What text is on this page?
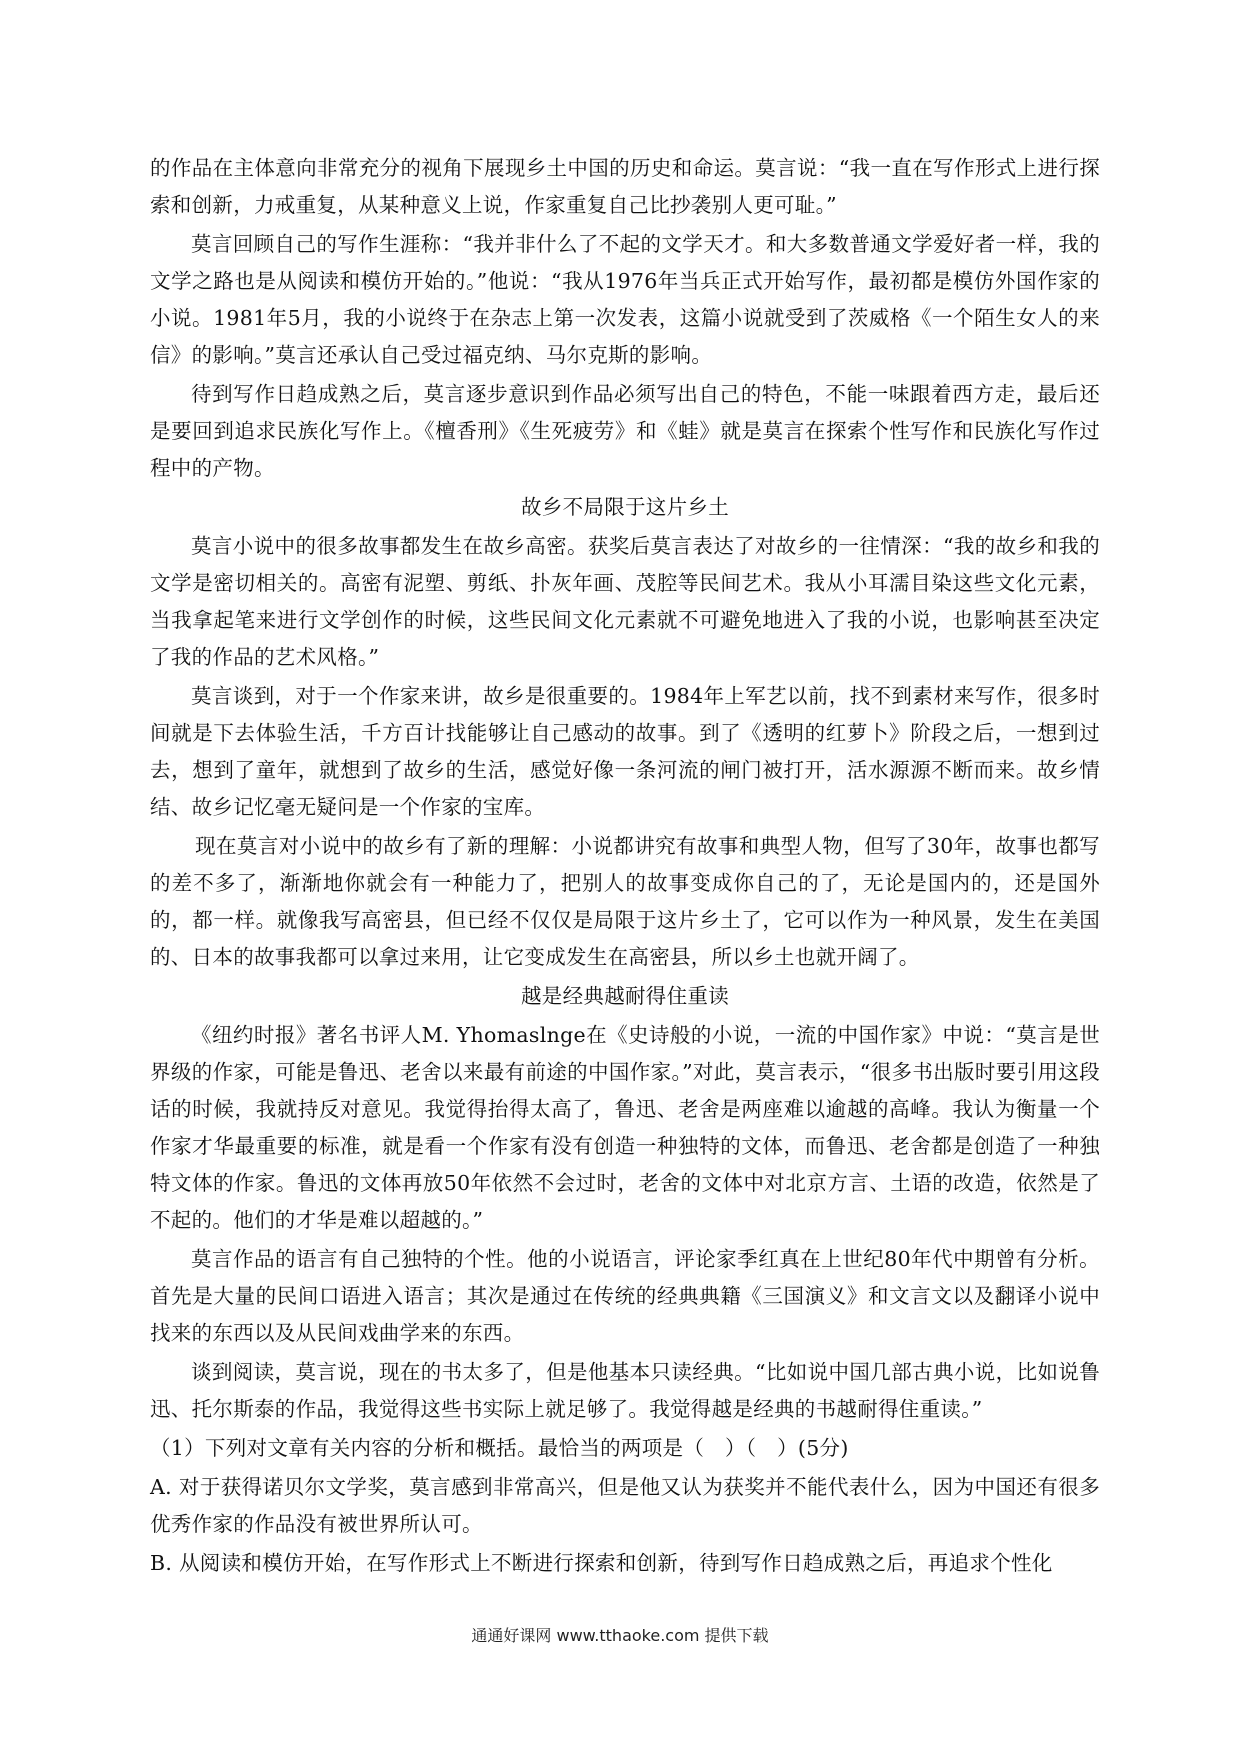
的作品在主体意向非常充分的视角下展现乡土中国的历史和命运。莫言说：“我一直在写作形式上进行探索和创新，力戒重复，从某种意义上说，作家重复自己比抄袭别人更可耻。”

莫言回顾自己的写作生涯称：“我并非什么了不起的文学天才。和大多数普通文学爱好者一样，我的文学之路也是从阅读和模仿开始的。”他说：“我从1976年当兵正式开始写作，最初都是模仿外国作家的小说。1981年5月，我的小说终于在杂志上第一次发表，这篇小说就受到了茨威格《一个陌生女人的来信》的影响。”莫言还承认自己受过福克纳、马尔克斯的影响。

待到写作日趋成熟之后，莫言逐步意识到作品必须写出自己的特色，不能一味跟着西方走，最后还是要回到追求民族化写作上。《檀香刑》《生死疲劳》和《蛙》就是莫言在探索个性写作和民族化写作过程中的产物。

故乡不局限于这片乡土

莫言小说中的很多故事都发生在故乡高密。获奖后莫言表达了对故乡的一往情深：“我的故乡和我的文学是密切相关的。高密有泥塑、剪纸、扑灰年画、茂腔等民间艺术。我从小耳濡目染这些文化元素，当我拿起笔来进行文学创作的时候，这些民间文化元素就不可避免地进入了我的小说，也影响甚至决定了我的作品的艺术风格。”

莫言谈到，对于一个作家来讲，故乡是很重要的。1984年上军艺以前，找不到素材来写作，很多时间就是下去体验生活，千方百计找能够让自己感动的故事。到了《透明的红萝卜》阶段之后，一想到过去，想到了童年，就想到了故乡的生活，感觉好像一条河流的闸门被打开，活水源源不断而来。故乡情结、故乡记忆毫无疑问是一个作家的宝库。

现在莫言对小说中的故乡有了新的理解：小说都讲究有故事和典型人物，但写了30年，故事也都写的差不多了，渐渐地你就会有一种能力了，把别人的故事变成你自己的了，无论是国内的，还是国外的，都一样。就像我写高密县，但已经不仅仅是局限于这片乡土了，它可以作为一种风景，发生在美国的、日本的故事我都可以拿过来用，让它变成发生在高密县，所以乡土也就开阔了。

越是经典越耐得住重读

《纽约时报》著名书评人M. Yhomaslnge在《史诗般的小说，一流的中国作家》中说：“莫言是世界级的作家，可能是鲁迅、老舍以来最有前途的中国作家。”对此，莫言表示，“很多书出版时要引用这段话的时候，我就持反对意见。我觉得抬得太高了，鲁迅、老舍是两座难以逾越的高峰。我认为衡量一个作家才华最重要的标准，就是看一个作家有没有创造一种独特的文体，而鲁迅、老舍都是创造了一种独特文体的作家。鲁迅的文体再放50年依然不会过时，老舍的文体中对北京方言、土语的改造，依然是了不起的。他们的才华是难以超越的。”

莫言作品的语言有自己独特的个性。他的小说语言，评论家季红真在上世纪80年代中期曾有分析。首先是大量的民间口语进入语言；其次是通过在传统的经典典籍《三国演义》和文言文以及翻译小说中找来的东西以及从民间戏曲学来的东西。

谈到阅读，莫言说，现在的书太多了，但是他基本只读经典。“比如说中国几部古典小说，比如说鲁迅、托尔斯泰的作品，我觉得这些书实际上就足够了。我觉得越是经典的书越耐得住重读。”

（1）下列对文章有关内容的分析和概括。最恰当的两项是（　）（　）(5分)

A. 对于获得诺贝尔文学奖，莫言感到非常高兴，但是他又认为获奖并不能代表什么，因为中国还有很多优秀作家的作品没有被世界所认可。

B. 从阅读和模仿开始，在写作形式上不断进行探索和创新，待到写作日趋成熟之后，再追求个性化

通通好课网 www.tthaoke.com 提供下载
